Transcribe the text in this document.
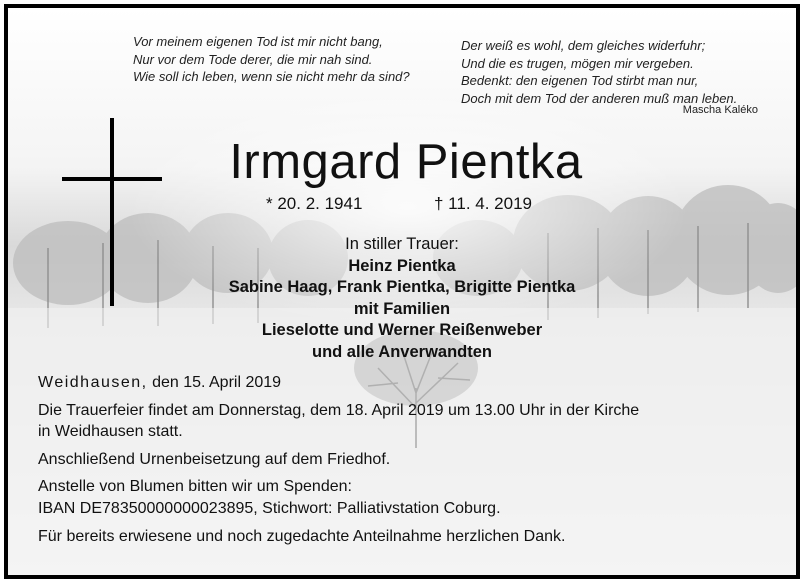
Vor meinem eigenen Tod ist mir nicht bang,
Nur vor dem Tode derer, die mir nah sind.
Wie soll ich leben, wenn sie nicht mehr da sind?
Der weiß es wohl, dem gleiches widerfuhr;
Und die es trugen, mögen mir vergeben.
Bedenkt: den eigenen Tod stirbt man nur,
Doch mit dem Tod der anderen muß man leben.
Mascha Kaléko
Irmgard Pientka
* 20. 2. 1941	† 11. 4. 2019
In stiller Trauer:
Heinz Pientka
Sabine Haag, Frank Pientka, Brigitte Pientka
mit Familien
Lieselotte und Werner Reißenweber
und alle Anverwandten
Weidhausen, den 15. April 2019
Die Trauerfeier findet am Donnerstag, dem 18. April 2019 um 13.00 Uhr in der Kirche
in Weidhausen statt.
Anschließend Urnenbeisetzung auf dem Friedhof.
Anstelle von Blumen bitten wir um Spenden:
IBAN DE78350000000023895, Stichwort: Palliativstation Coburg.
Für bereits erwiesene und noch zugedachte Anteilnahme herzlichen Dank.
